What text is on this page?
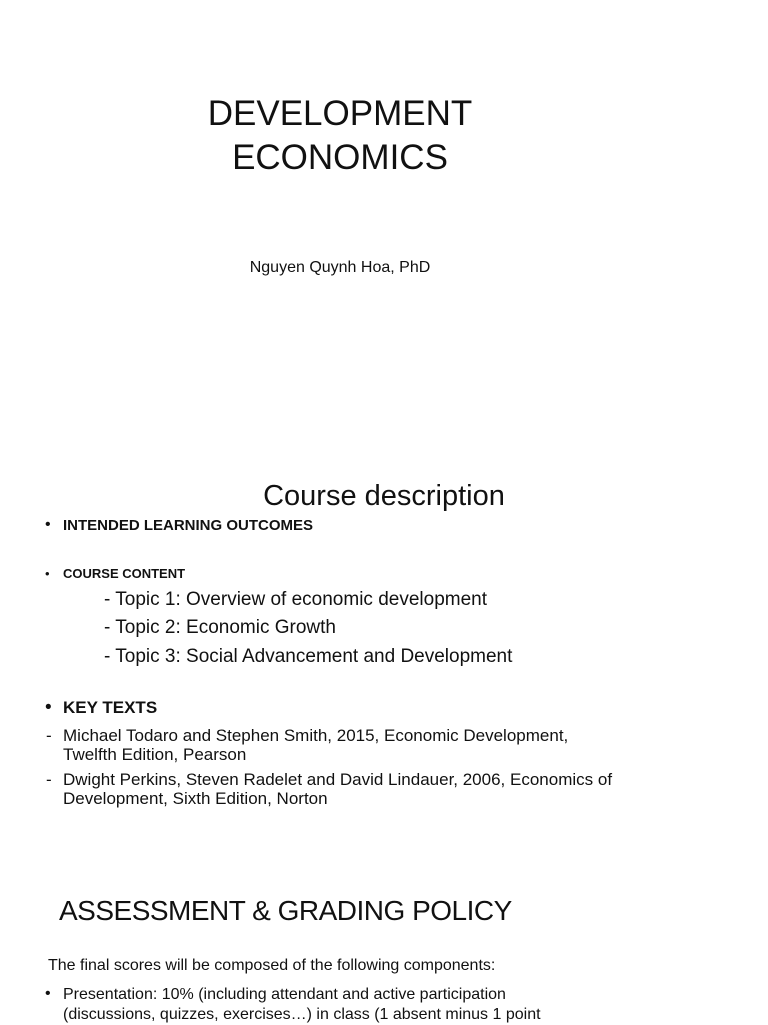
DEVELOPMENT
ECONOMICS
Nguyen Quynh Hoa, PhD
Course description
• INTENDED LEARNING OUTCOMES
• COURSE CONTENT
- Topic 1: Overview of economic development
- Topic 2: Economic Growth
- Topic 3: Social Advancement and Development
• KEY TEXTS
- Michael Todaro and Stephen Smith, 2015, Economic Development, Twelfth Edition, Pearson
- Dwight Perkins, Steven Radelet and David Lindauer, 2006, Economics of Development, Sixth Edition, Norton
ASSESSMENT & GRADING POLICY
The final scores will be composed of the following components:
• Presentation: 10% (including attendant and active participation
(discussions, quizzes, exercises…) in class (1 absent minus 1 point
